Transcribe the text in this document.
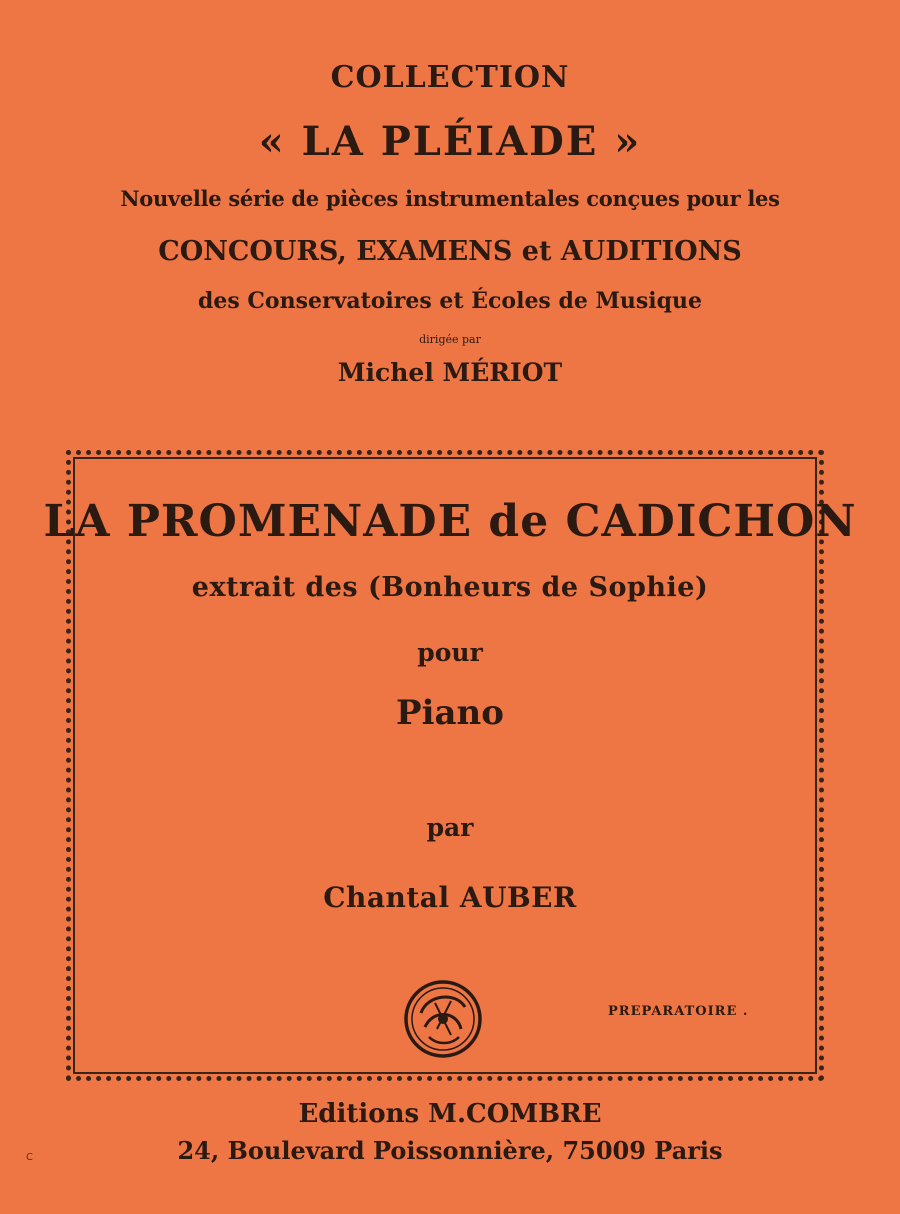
COLLECTION
« LA PLÉIADE »
Nouvelle série de pièces instrumentales conçues pour les
CONCOURS, EXAMENS et AUDITIONS
des Conservatoires et Écoles de Musique
dirigée par
Michel MÉRIOT
LA PROMENADE de CADICHON
extrait des (Bonheurs de Sophie)
pour
Piano
par
Chantal AUBER
PREPARATOIRE .
Editions M.COMBRE
24, Boulevard Poissonnière, 75009 Paris
C
